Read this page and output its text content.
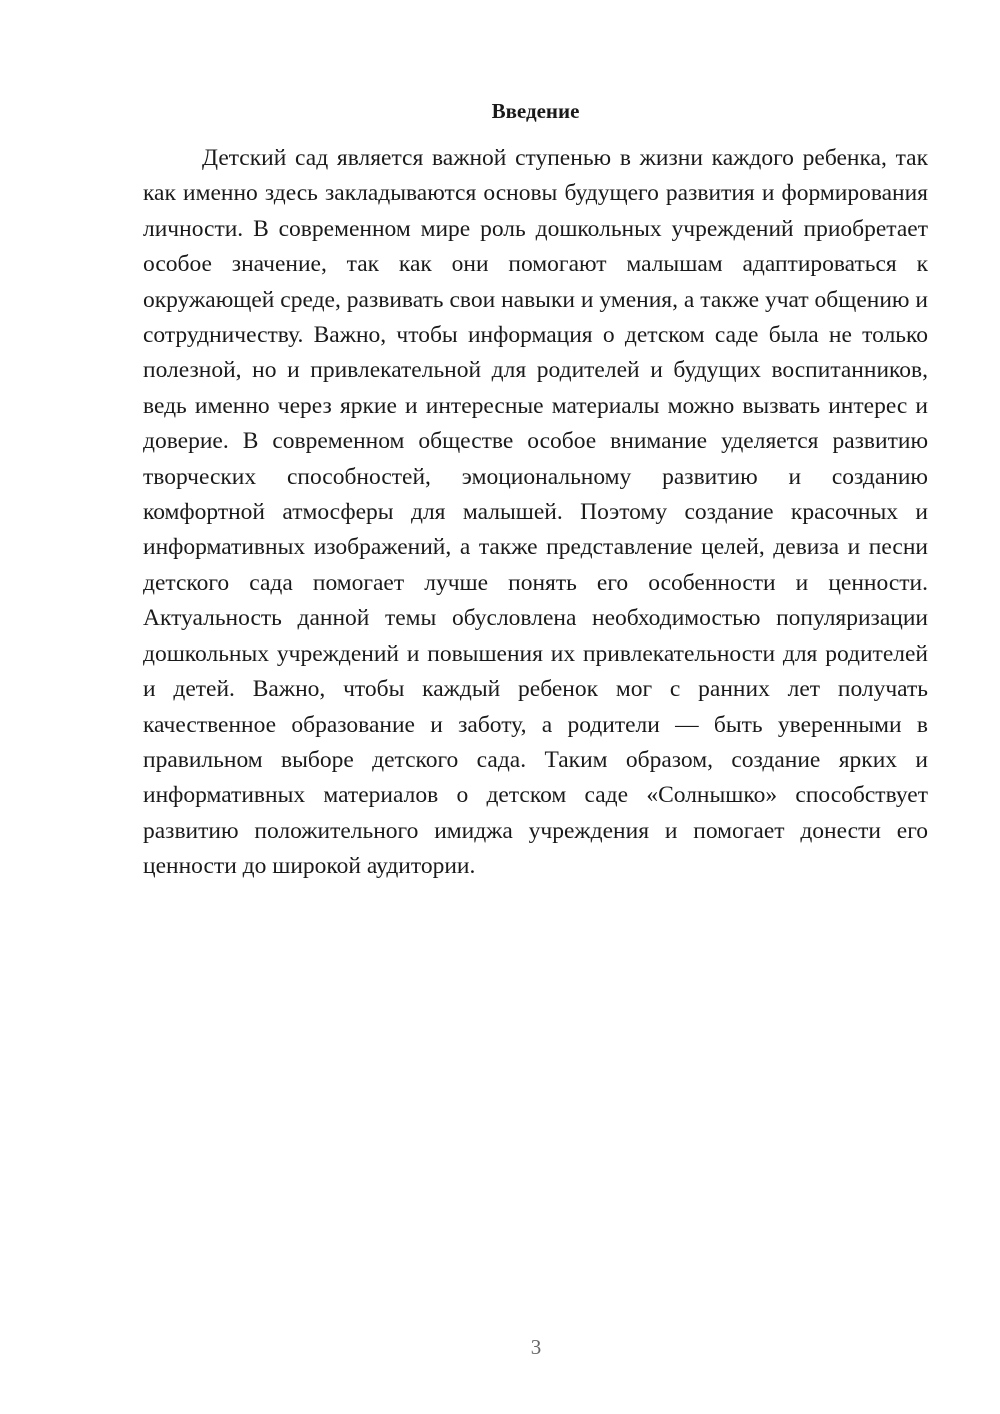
Введение

Детский сад является важной ступенью в жизни каждого ребенка, так как именно здесь закладываются основы будущего развития и формирования личности. В современном мире роль дошкольных учреждений приобретает особое значение, так как они помогают малышам адаптироваться к окружающей среде, развивать свои навыки и умения, а также учат общению и сотрудничеству. Важно, чтобы информация о детском саде была не только полезной, но и привлекательной для родителей и будущих воспитанников, ведь именно через яркие и интересные материалы можно вызвать интерес и доверие. В современном обществе особое внимание уделяется развитию творческих способностей, эмоциональному развитию и созданию комфортной атмосферы для малышей. Поэтому создание красочных и информативных изображений, а также представление целей, девиза и песни детского сада помогает лучше понять его особенности и ценности. Актуальность данной темы обусловлена необходимостью популяризации дошкольных учреждений и повышения их привлекательности для родителей и детей. Важно, чтобы каждый ребенок мог с ранних лет получать качественное образование и заботу, а родители — быть уверенными в правильном выборе детского сада. Таким образом, создание ярких и информативных материалов о детском саде «Солнышко» способствует развитию положительного имиджа учреждения и помогает донести его ценности до широкой аудитории.

3
